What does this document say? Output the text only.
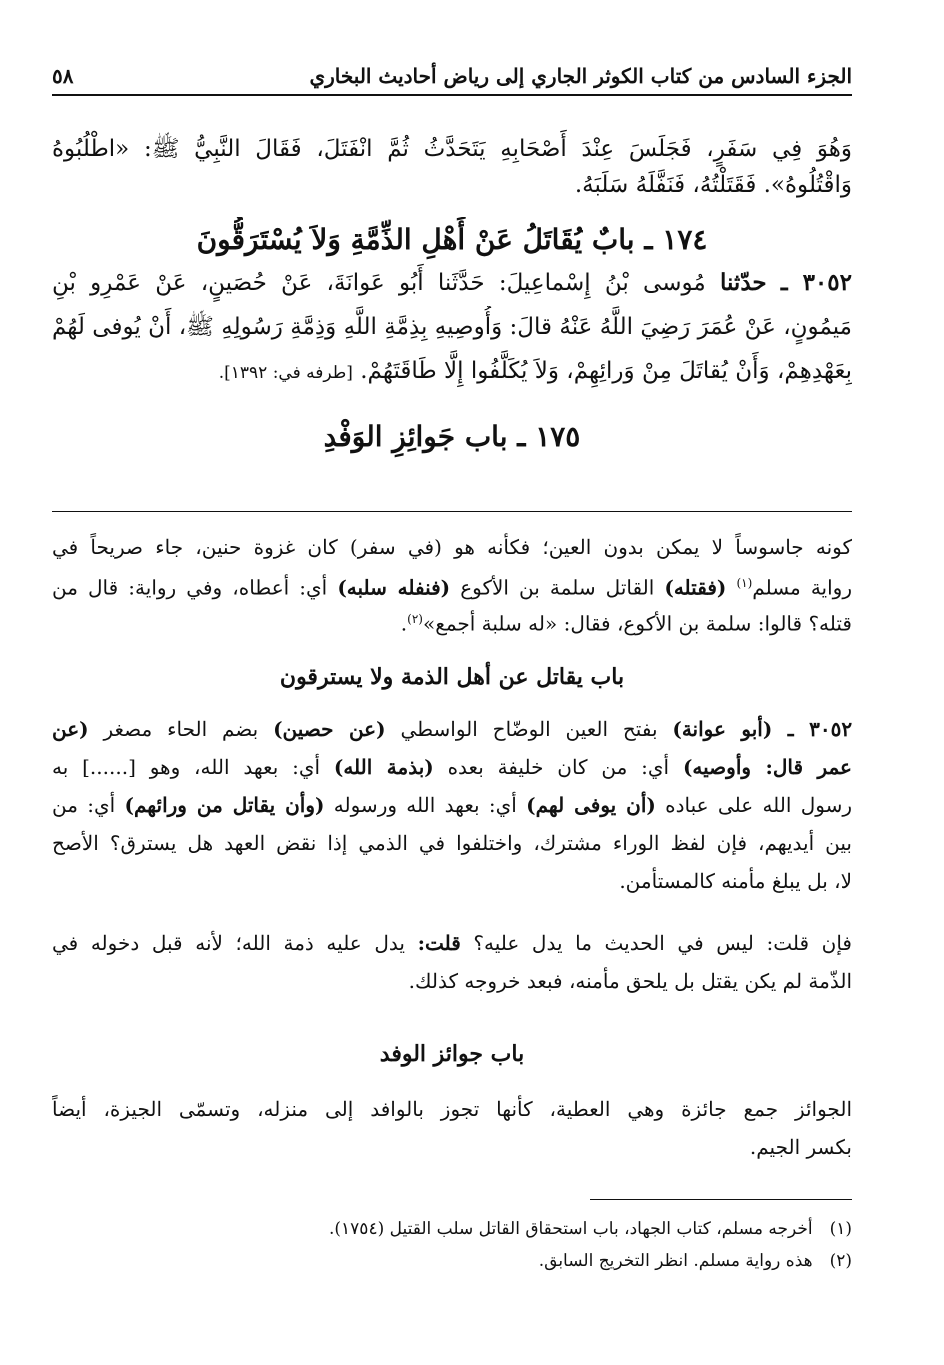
الجزء السادس من كتاب الكوثر الجاري إلى رياض أحاديث البخاري
٥٨
وَهُوَ فِي سَفَرٍ، فَجَلَسَ عِنْدَ أَصْحَابِهِ يَتَحَدَّثُ ثُمَّ انْفَتَلَ، فَقَالَ النَّبِيُّ ﷺ: «اطْلُبُوهُ
وَاقْتُلُوهُ». فَقَتَلْتُهُ، فَنَفَّلَهُ سَلَبَهُ.
١٧٤ ـ بابٌ يُقَاتَلُ عَنْ أَهْلِ الذِّمَّةِ وَلاَ يُسْتَرَقُّونَ
٣٠٥٢ ـ حدّثنا مُوسى بْنُ إِسْماعِيلَ: حَدَّثَنا أَبُو عَوانَةَ، عَنْ حُصَينٍ، عَنْ عَمْرِو بْنِ
مَيمُونٍ، عَنْ عُمَرَ رَضِيَ اللَّهُ عَنْهُ قالَ: وَأُوصِيهِ بِذِمَّةِ اللَّهِ وَذِمَّةِ رَسُولِهِ ﷺ، أَنْ يُوفى لَهُمْ
بِعَهْدِهِمْ، وَأَنْ يُقاتَلَ مِنْ وَرائِهِمْ، وَلاَ يُكَلَّفُوا إِلَّا طَاقَتَهُمْ. [طرفه في: ١٣٩٢].
١٧٥ ـ باب جَوائِزِ الوَفْدِ
كونه جاسوساً لا يمكن بدون العين؛ فكأنه هو (في سفر) كان غزوة حنين، جاء صريحاً في
رواية مسلم$^{(١)}$ (فقتله) القاتل سلمة بن الأكوع (فنفله سلبه) أي: أعطاه، وفي رواية: قال من
قتله؟ قالوا: سلمة بن الأكوع، فقال: «له سلبة أجمع»$^{(٢)}$.
باب يقاتل عن أهل الذمة ولا يسترقون
٣٠٥٢ ـ (أبو عوانة) بفتح العين الوضّاح الواسطي (عن حصين) بضم الحاء مصغر (عن
عمر قال: وأوصيه) أي: من كان خليفة بعده (بذمة الله) أي: بعهد الله، وهو [......] به
رسول الله على عباده (أن يوفى لهم) أي: بعهد الله ورسوله (وأن يقاتل من ورائهم) أي: من
بين أيديهم، فإن لفظ الوراء مشترك، واختلفوا في الذمي إذا نقض العهد هل يسترق؟ الأصح
لا، بل يبلغ مأمنه كالمستأمن.
فإن قلت: ليس في الحديث ما يدل عليه؟ قلت: يدل عليه ذمة الله؛ لأنه قبل دخوله في
الذّمة لم يكن يقتل بل يلحق مأمنه، فبعد خروجه كذلك.
باب جوائز الوفد
الجوائز جمع جائزة وهي العطية، كأنها تجوز بالوافد إلى منزله، وتسمّى الجيزة، أيضاً
بكسر الجيم.
(١) أخرجه مسلم، كتاب الجهاد، باب استحقاق القاتل سلب القتيل (١٧٥٤).
(٢) هذه رواية مسلم. انظر التخريج السابق.
